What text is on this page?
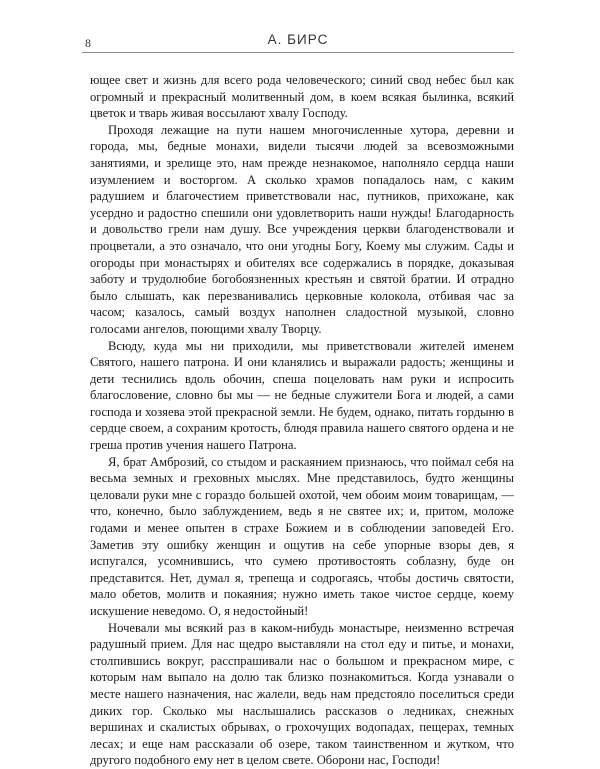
8	А. БИРС

ющее свет и жизнь для всего рода человеческого; синий свод небес был как огромный и прекрасный молитвенный дом, в коем всякая былинка, всякий цветок и тварь живая воссылают хвалу Господу.

Проходя лежащие на пути нашем многочисленные хутора, деревни и города, мы, бедные монахи, видели тысячи людей за всевозможными занятиями, и зрелище это, нам прежде незнакомое, наполняло сердца наши изумлением и восторгом. А сколько храмов попадалось нам, с каким радушием и благочестием приветствовали нас, путников, прихожане, как усердно и радостно спешили они удовлетворить наши нужды! Благодарность и довольство грели нам душу. Все учреждения церкви благоденствовали и процветали, а это означало, что они угодны Богу, Коему мы служим. Сады и огороды при монастырях и обителях все содержались в порядке, доказывая заботу и трудолюбие богобоязненных крестьян и святой братии. И отрадно было слышать, как перезванивались церковные колокола, отбивая час за часом; казалось, самый воздух наполнен сладостной музыкой, словно голосами ангелов, поющими хвалу Творцу.

Всюду, куда мы ни приходили, мы приветствовали жителей именем Святого, нашего патрона. И они кланялись и выражали радость; женщины и дети теснились вдоль обочин, спеша поцеловать нам руки и испросить благословение, словно бы мы — не бедные служители Бога и людей, а сами господа и хозяева этой прекрасной земли. Не будем, однако, питать гордыню в сердце своем, а сохраним кротость, блюдя правила нашего святого ордена и не греша против учения нашего Патрона.

Я, брат Амброзий, со стыдом и раскаянием признаюсь, что поймал себя на весьма земных и греховных мыслях. Мне представилось, будто женщины целовали руки мне с гораздо большей охотой, чем обоим моим товарищам, — что, конечно, было заблуждением, ведь я не святее их; и, притом, моложе годами и менее опытен в страхе Божием и в соблюдении заповедей Его. Заметив эту ошибку женщин и ощутив на себе упорные взоры дев, я испугался, усомнившись, что сумею противостоять соблазну, буде он представится. Нет, думал я, трепеща и содрогаясь, чтобы достичь святости, мало обетов, молитв и покаяния; нужно иметь такое чистое сердце, коему искушение неведомо. О, я недостойный!

Ночевали мы всякий раз в каком-нибудь монастыре, неизменно встречая радушный прием. Для нас щедро выставляли на стол еду и питье, и монахи, столпившись вокруг, расспрашивали нас о большом и прекрасном мире, с которым нам выпало на долю так близко познакомиться. Когда узнавали о месте нашего назначения, нас жалели, ведь нам предстояло поселиться среди диких гор. Сколько мы наслышались рассказов о ледниках, снежных вершинах и скалистых обрывах, о грохочущих водопадах, пещерах, темных лесах; и еще нам рассказали об озере, таком таинственном и жутком, что другого подобного ему нет в целом свете. Оборони нас, Господи!
